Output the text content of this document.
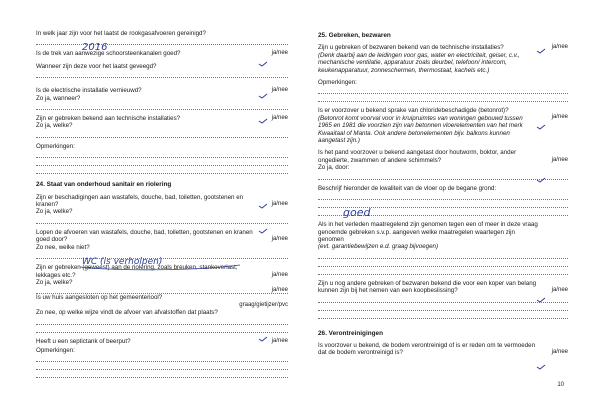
In welk jaar zijn voor het laatst de rookgasafvoeren gereinigd?
Is de trek van aanwezige schoorsteenkanalen goed?	ja/nee
Wanneer zijn deze voor het laatst geveegd?
Is de electrische installatie vernieuwd?	ja/nee
Zo ja, wanneer?
Zijn er gebreken bekend aan technische installaties?	ja/nee
Zo ja, welke?
Opmerkingen:
24. Staat van onderhoud sanitair en riolering
Zijn er beschadigingen aan wastafels, douche, bad, toiletten, gootstenen en kranen?	ja/nee
Zo ja, welke?
Lopen de afvoeren van wastafels, douche, bad, toiletten, gootstenen en kranen goed door?	ja/nee
Zo nee, welke niet?
Zijn er gebreken (geweest) aan de riolering, zoals breuken, stankoverlast, lekkages etc.?	ja/nee
Zo ja, welke?
Is uw huis aangesloten op het gemeenteriool?
ja/nee

graag/gietijzer/pvc
Zo nee, op welke wijze vindt de afvoer van afvalstoffen dat plaats?
Heeft u een septictank of beerput?	ja/nee
Opmerkingen:
25. Gebreken, bezwaren
Zijn u gebreken of bezwaren bekend van de technische installaties?	ja/nee
(Denk daarbij aan de leidingen voor gas, water en electriciteit, geiser, c.v., mechanische ventilatie, apparatuur zoals deurbel, telefoon/ intercom, keukenapparatuur, zonneschermen, thermostaat, kachels etc.)
Opmerkingen:
Is er voorzover u bekend sprake van chloridebeschadigde (betonrot)?
ja/nee
(Betonrot komt voorval voor in kruipruimtes van woningen gebouwd tussen 1965 en 1981 die voorzien zijn van betonnen vloerelementen van het merk Kwaaitaal of Manta. Ook andere betonelementen bijv. balkons kunnen aangetast zijn.)
Is het pand voorzover u bekend aangetast door houtworm, boktor, ander ongedierte, zwammen of andere schimmels?	ja/nee
Zo ja, door:
Beschrijf hieronder de kwaliteit van de vloer op de begane grond:
Als in het verleden maatregelend zijn genomen tegen een of meer in deze vraag genoemde gebreken s.v.p. aangeven welke maatregelen waartegen zijn genomen
(evt. garantiebewijzen e.d. graag bijvoegen)
Zijn u nog andere gebreken of bezwaren bekend die voor een koper van belang kunnen zijn bij het nemen van een koopbeslissing?	ja/nee
26. Verontreinigingen
Is voorzover u bekend, de bodem verontreinigd of is er reden om te vermoeden dat de bodem verontreinigd is?	ja/nee
2016
WC (is verholpen)
goed
10
